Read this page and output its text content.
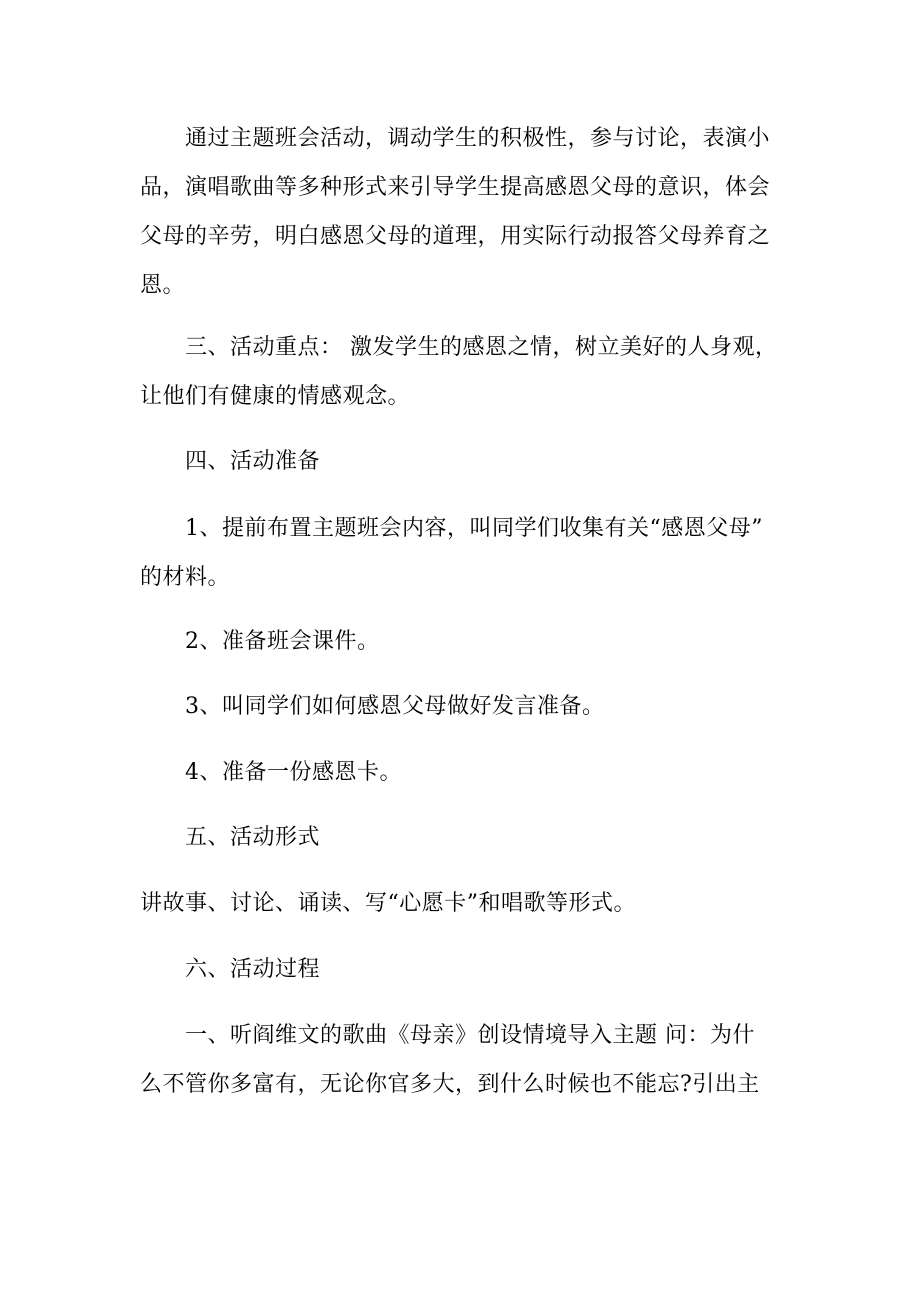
通过主题班会活动，调动学生的积极性，参与讨论，表演小
品，演唱歌曲等多种形式来引导学生提高感恩父母的意识，体会
父母的辛劳，明白感恩父母的道理，用实际行动报答父母养育之
恩。

三、活动重点： 激发学生的感恩之情，树立美好的人身观，
让他们有健康的情感观念。

四、活动准备

1、提前布置主题班会内容，叫同学们收集有关“感恩父母”
的材料。

2、准备班会课件。

3、叫同学们如何感恩父母做好发言准备。

4、准备一份感恩卡。

五、活动形式

讲故事、讨论、诵读、写“心愿卡”和唱歌等形式。

六、活动过程

一、听阎维文的歌曲《母亲》创设情境导入主题 问：为什
么不管你多富有，无论你官多大，到什么时候也不能忘?引出主
